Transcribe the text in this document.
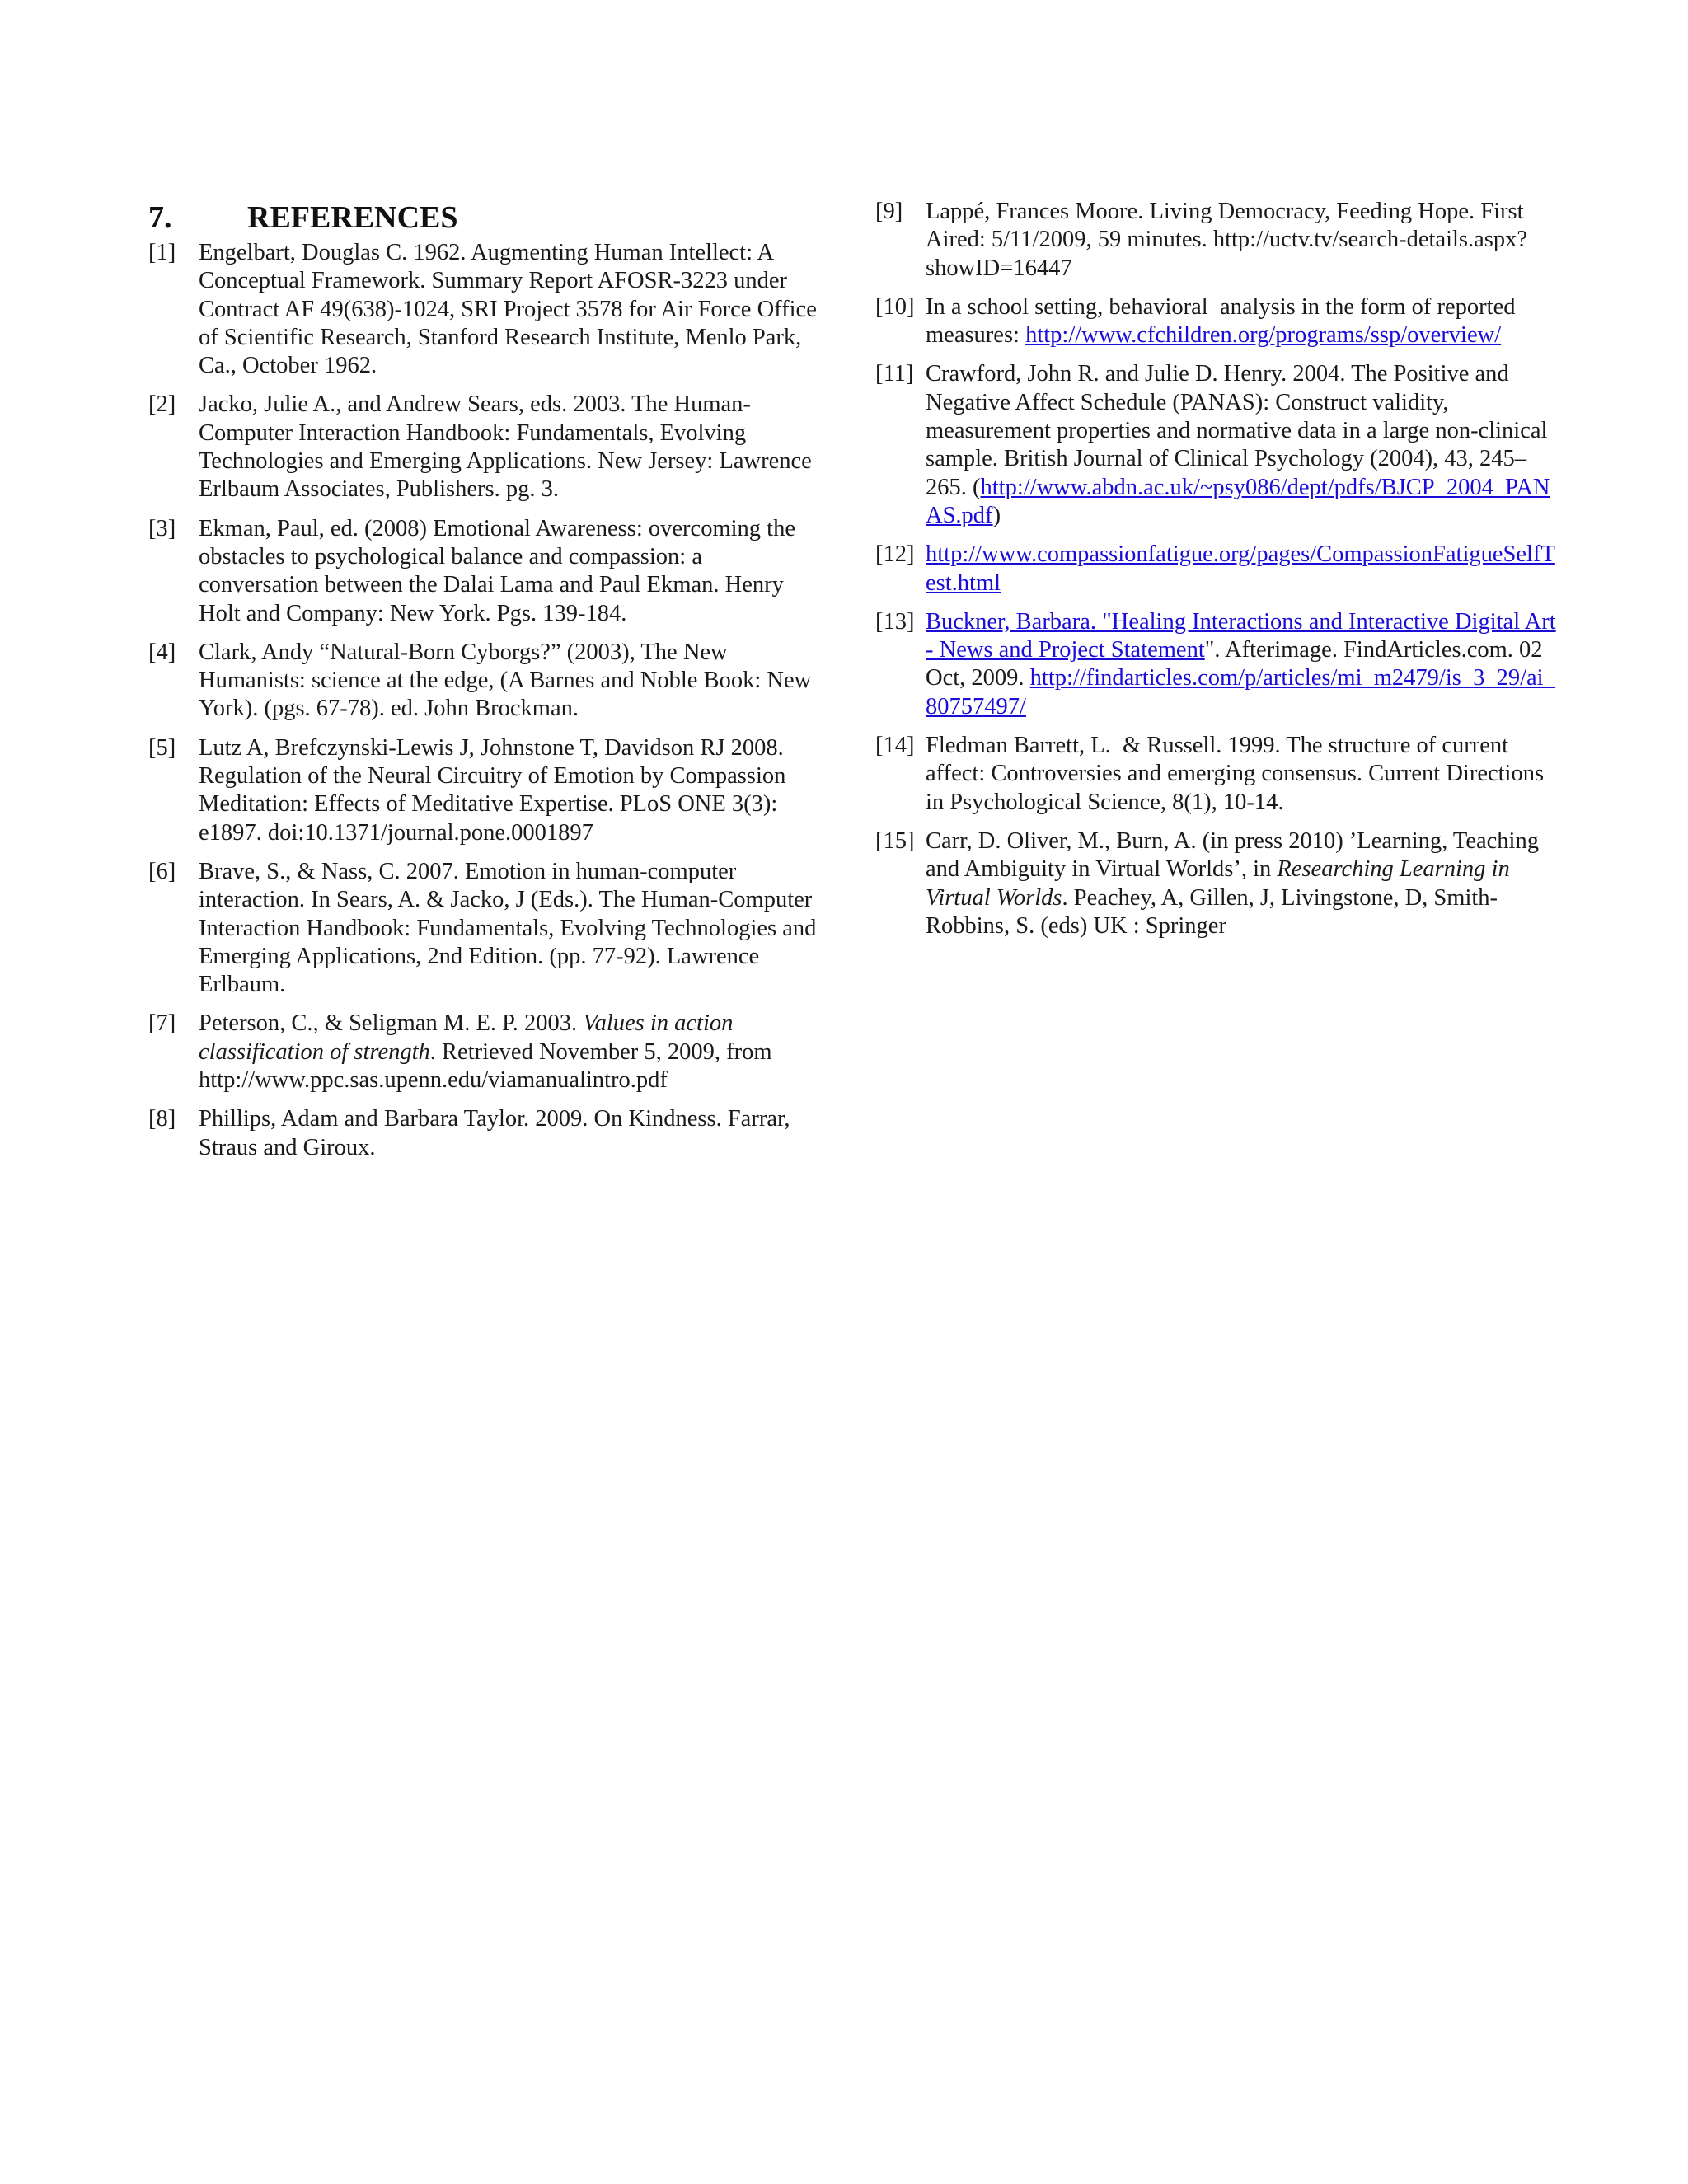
7.	REFERENCES
[1] Engelbart, Douglas C. 1962. Augmenting Human Intellect: A Conceptual Framework. Summary Report AFOSR-3223 under Contract AF 49(638)-1024, SRI Project 3578 for Air Force Office of Scientific Research, Stanford Research Institute, Menlo Park, Ca., October 1962.
[2] Jacko, Julie A., and Andrew Sears, eds. 2003. The Human-Computer Interaction Handbook: Fundamentals, Evolving Technologies and Emerging Applications. New Jersey: Lawrence Erlbaum Associates, Publishers. pg. 3.
[3] Ekman, Paul, ed. (2008) Emotional Awareness: overcoming the obstacles to psychological balance and compassion: a conversation between the Dalai Lama and Paul Ekman. Henry Holt and Company: New York. Pgs. 139-184.
[4] Clark, Andy “Natural-Born Cyborgs?” (2003), The New Humanists: science at the edge, (A Barnes and Noble Book: New York). (pgs. 67-78). ed. John Brockman.
[5] Lutz A, Brefczynski-Lewis J, Johnstone T, Davidson RJ 2008. Regulation of the Neural Circuitry of Emotion by Compassion Meditation: Effects of Meditative Expertise. PLoS ONE 3(3): e1897. doi:10.1371/journal.pone.0001897
[6] Brave, S., & Nass, C. 2007. Emotion in human-computer interaction. In Sears, A. & Jacko, J (Eds.). The Human-Computer Interaction Handbook: Fundamentals, Evolving Technologies and Emerging Applications, 2nd Edition. (pp. 77-92). Lawrence Erlbaum.
[7] Peterson, C., & Seligman M. E. P. 2003. Values in action classification of strength. Retrieved November 5, 2009, from http://www.ppc.sas.upenn.edu/viamanualintro.pdf
[8] Phillips, Adam and Barbara Taylor. 2009. On Kindness. Farrar, Straus and Giroux.
[9] Lappé, Frances Moore. Living Democracy, Feeding Hope. First Aired: 5/11/2009, 59 minutes. http://uctv.tv/search-details.aspx?showID=16447
[10] In a school setting, behavioral  analysis in the form of reported measures: http://www.cfchildren.org/programs/ssp/overview/
[11] Crawford, John R. and Julie D. Henry. 2004. The Positive and Negative Affect Schedule (PANAS): Construct validity, measurement properties and normative data in a large non-clinical sample. British Journal of Clinical Psychology (2004), 43, 245–265. (http://www.abdn.ac.uk/~psy086/dept/pdfs/BJCP_2004_PANAS.pdf)
[12] http://www.compassionfatigue.org/pages/CompassionFatigueSelfTest.html
[13] Buckner, Barbara. "Healing Interactions and Interactive Digital Art - News and Project Statement". Afterimage. FindArticles.com. 02 Oct, 2009. http://findarticles.com/p/articles/mi_m2479/is_3_29/ai_80757497/
[14] Fledman Barrett, L.  & Russell. 1999. The structure of current affect: Controversies and emerging consensus. Current Directions in Psychological Science, 8(1), 10-14.
[15] Carr, D. Oliver, M., Burn, A. (in press 2010) ’Learning, Teaching and Ambiguity in Virtual Worlds’, in Researching Learning in Virtual Worlds. Peachey, A, Gillen, J, Livingstone, D, Smith-Robbins, S. (eds) UK : Springer
